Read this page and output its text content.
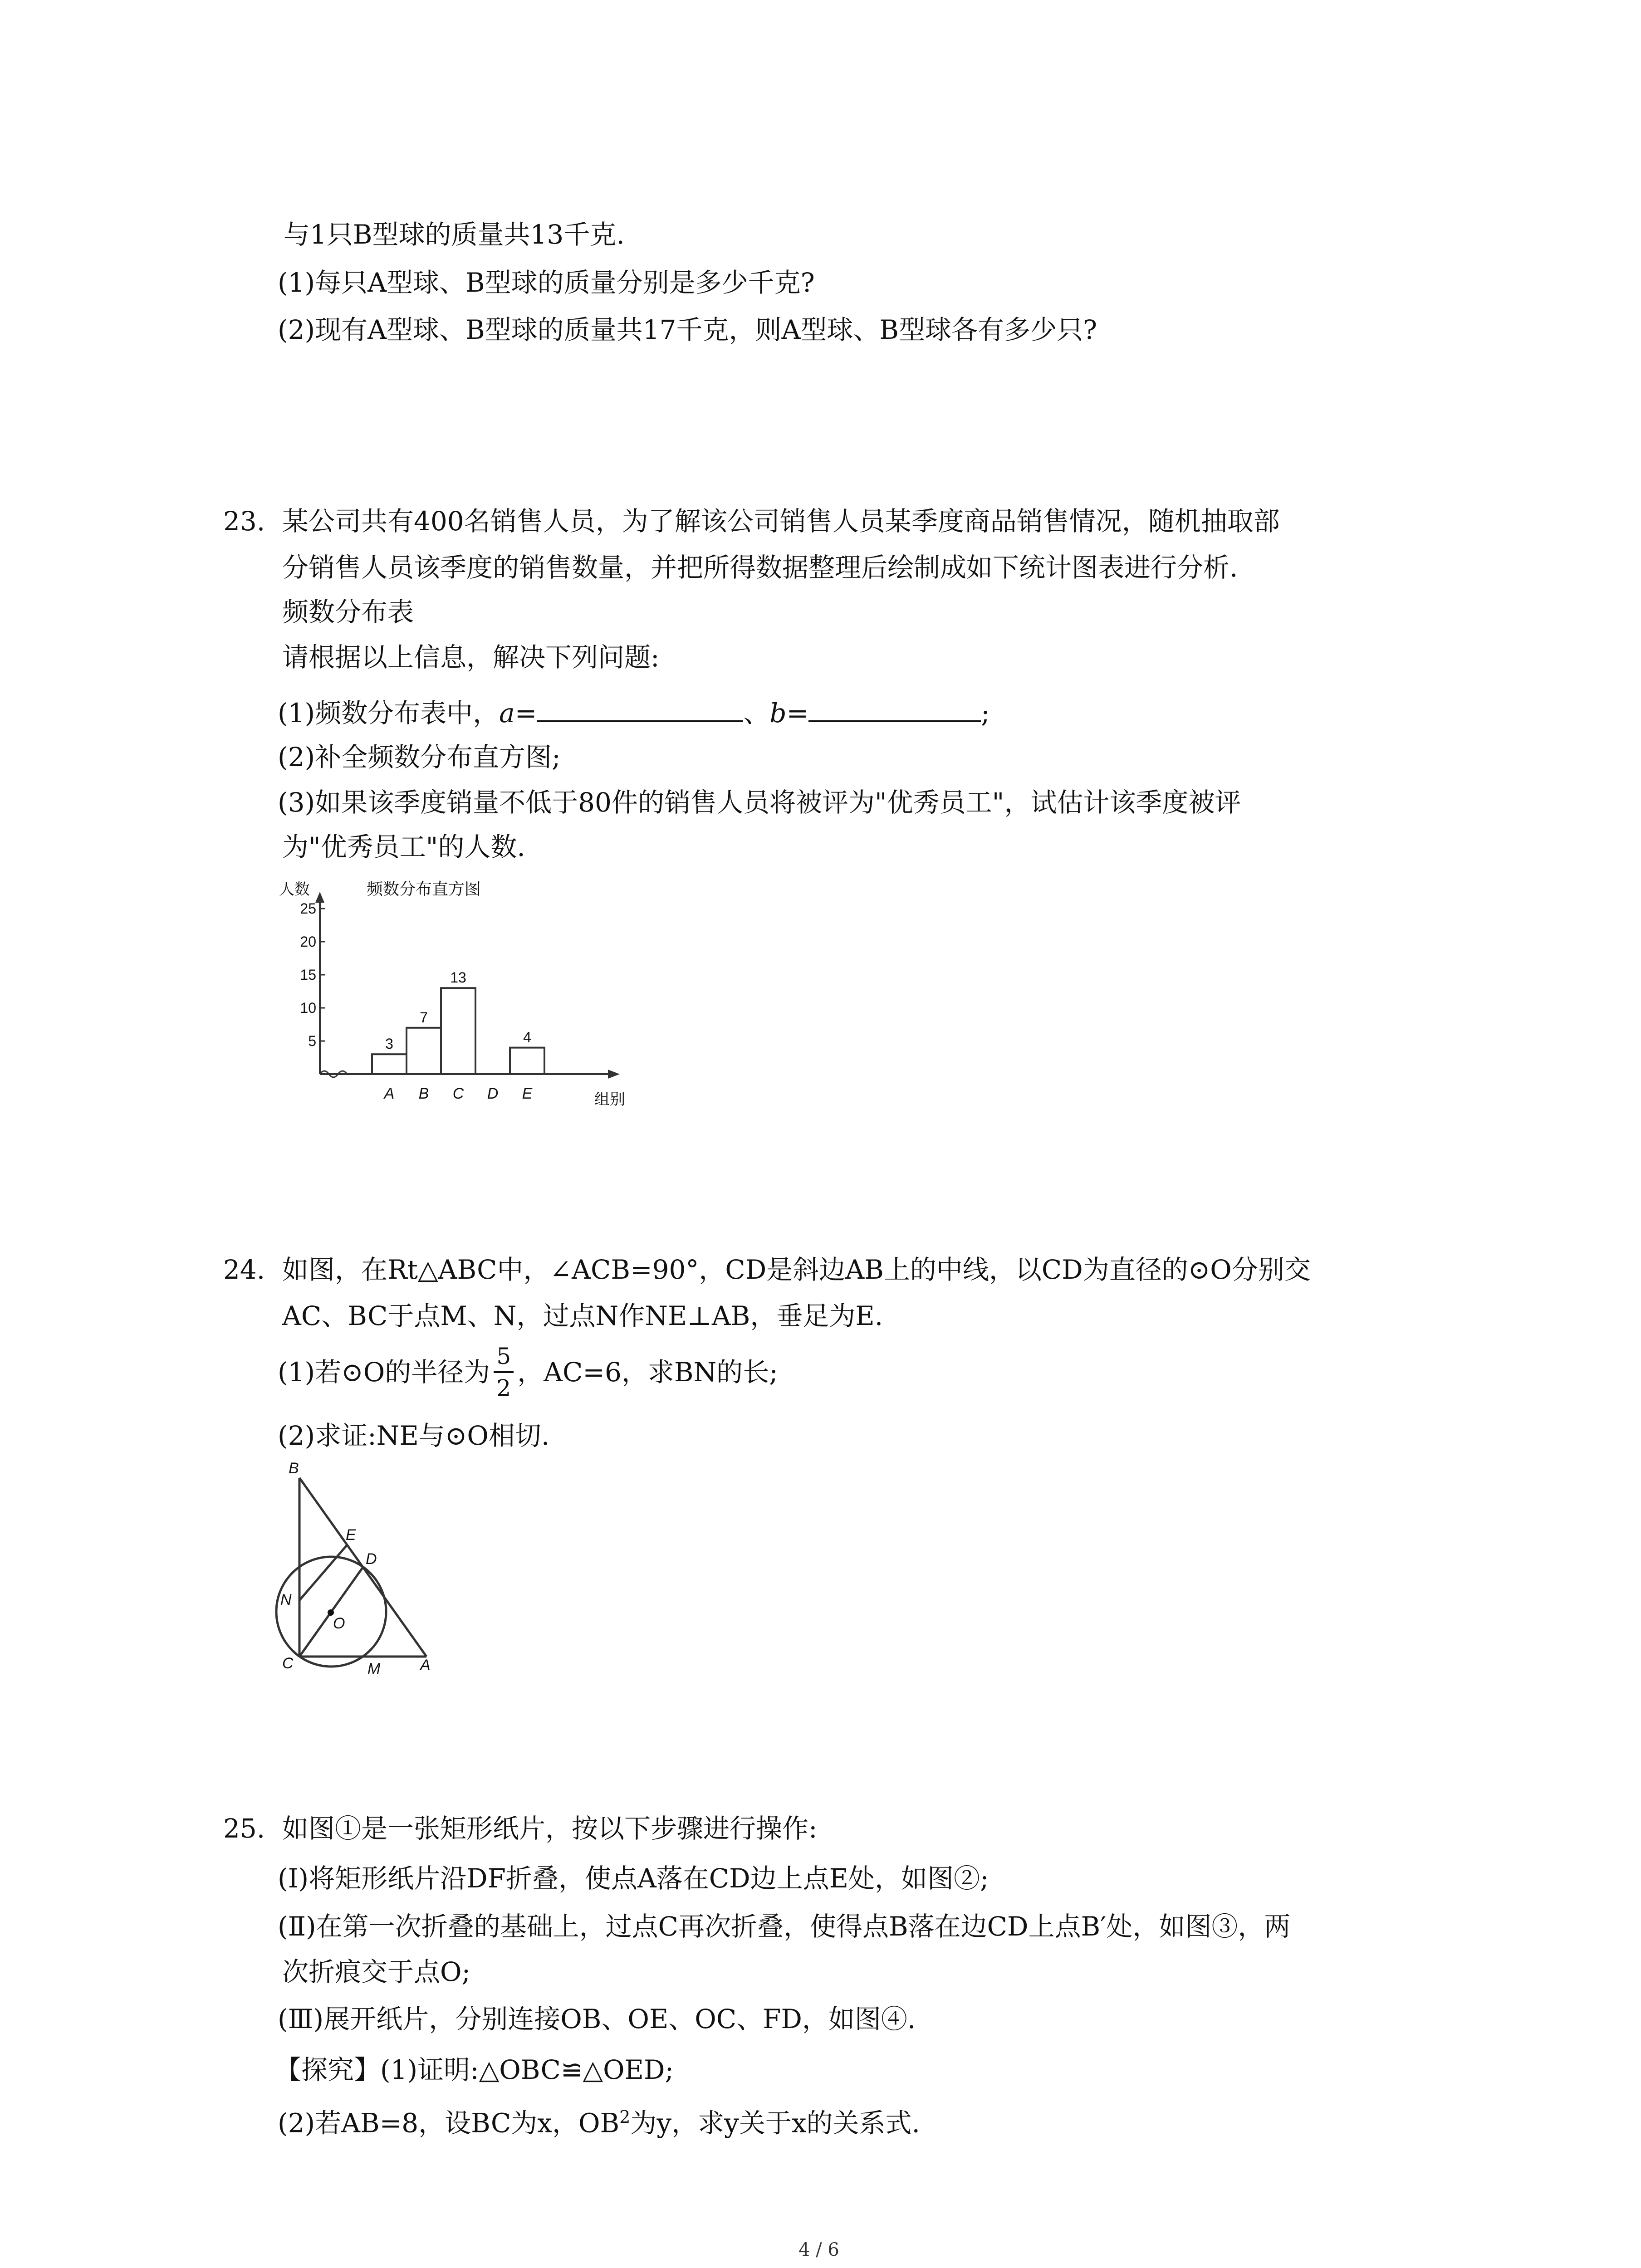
与1只B型球的质量共13千克.
(1)每只A型球、B型球的质量分别是多少千克?
(2)现有A型球、B型球的质量共17千克，则A型球、B型球各有多少只?
23. 某公司共有400名销售人员，为了解该公司销售人员某季度商品销售情况，随机抽取部
分销售人员该季度的销售数量，并把所得数据整理后绘制成如下统计图表进行分析.
频数分布表
请根据以上信息，解决下列问题:
(1)频数分布表中，a=	、b=	;
(2)补全频数分布直方图;
(3)如果该季度销量不低于80件的销售人员将被评为"优秀员工"，试估计该季度被评
为"优秀员工"的人数.
人数	频数分布直方图
组别
5
10
15
20
25
3
A
7
B
13
C D
4
E
24. 如图，在Rt△ABC中，∠ACB=90°，CD是斜边AB上的中线，以CD为直径的⊙O分别交
AC、BC于点M、N，过点N作NE⊥AB，垂足为E.
(1)若⊙O的半径为 $\frac{5}{2}$ ，AC=6，求BN的长;
(2)求证:NE与⊙O相切.
B
E
D
N
O
C	M	A
25. 如图①是一张矩形纸片，按以下步骤进行操作:
(Ⅰ)将矩形纸片沿DF折叠，使点A落在CD边上点E处，如图②;
(Ⅱ)在第一次折叠的基础上，过点C再次折叠，使得点B落在边CD上点B′处，如图③，两
次折痕交于点O;
(Ⅲ)展开纸片，分别连接OB、OE、OC、FD，如图④.
【探究】(1)证明:△OBC≌△OED;
(2)若AB=8，设BC为x，$OB^2$为y，求y关于x的关系式.
4 / 6
